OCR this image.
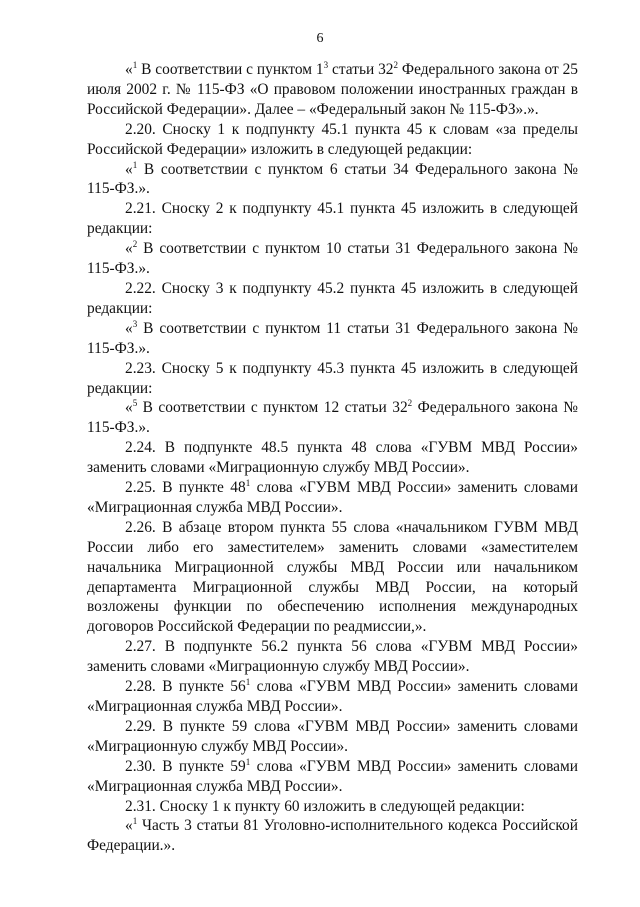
6

«$^1$ В соответствии с пунктом $1^3$ статьи $32^2$ Федерального закона от 25 июля 2002 г. № 115-ФЗ «О правовом положении иностранных граждан в Российской Федерации». Далее – «Федеральный закон № 115-ФЗ».».

2.20. Сноску 1 к подпункту 45.1 пункта 45 к словам «за пределы Российской Федерации» изложить в следующей редакции:

«$^1$ В соответствии с пунктом 6 статьи 34 Федерального закона № 115-ФЗ.».

2.21. Сноску 2 к подпункту 45.1 пункта 45 изложить в следующей редакции:

«$^2$ В соответствии с пунктом 10 статьи 31 Федерального закона № 115-ФЗ.».

2.22. Сноску 3 к подпункту 45.2 пункта 45 изложить в следующей редакции:

«$^3$ В соответствии с пунктом 11 статьи 31 Федерального закона № 115-ФЗ.».

2.23. Сноску 5 к подпункту 45.3 пункта 45 изложить в следующей редакции:

«$^5$ В соответствии с пунктом 12 статьи $32^2$ Федерального закона № 115-ФЗ.».

2.24. В подпункте 48.5 пункта 48 слова «ГУВМ МВД России» заменить словами «Миграционную службу МВД России».

2.25. В пункте $48^1$ слова «ГУВМ МВД России» заменить словами «Миграционная служба МВД России».

2.26. В абзаце втором пункта 55 слова «начальником ГУВМ МВД России либо его заместителем» заменить словами «заместителем начальника Миграционной службы МВД России или начальником департамента Миграционной службы МВД России, на который возложены функции по обеспечению исполнения международных договоров Российской Федерации по реадмиссии,».

2.27. В подпункте 56.2 пункта 56 слова «ГУВМ МВД России» заменить словами «Миграционную службу МВД России».

2.28. В пункте $56^1$ слова «ГУВМ МВД России» заменить словами «Миграционная служба МВД России».

2.29. В пункте 59 слова «ГУВМ МВД России» заменить словами «Миграционную службу МВД России».

2.30. В пункте $59^1$ слова «ГУВМ МВД России» заменить словами «Миграционная служба МВД России».

2.31. Сноску 1 к пункту 60 изложить в следующей редакции:

«$^1$ Часть 3 статьи 81 Уголовно-исполнительного кодекса Российской Федерации.».
